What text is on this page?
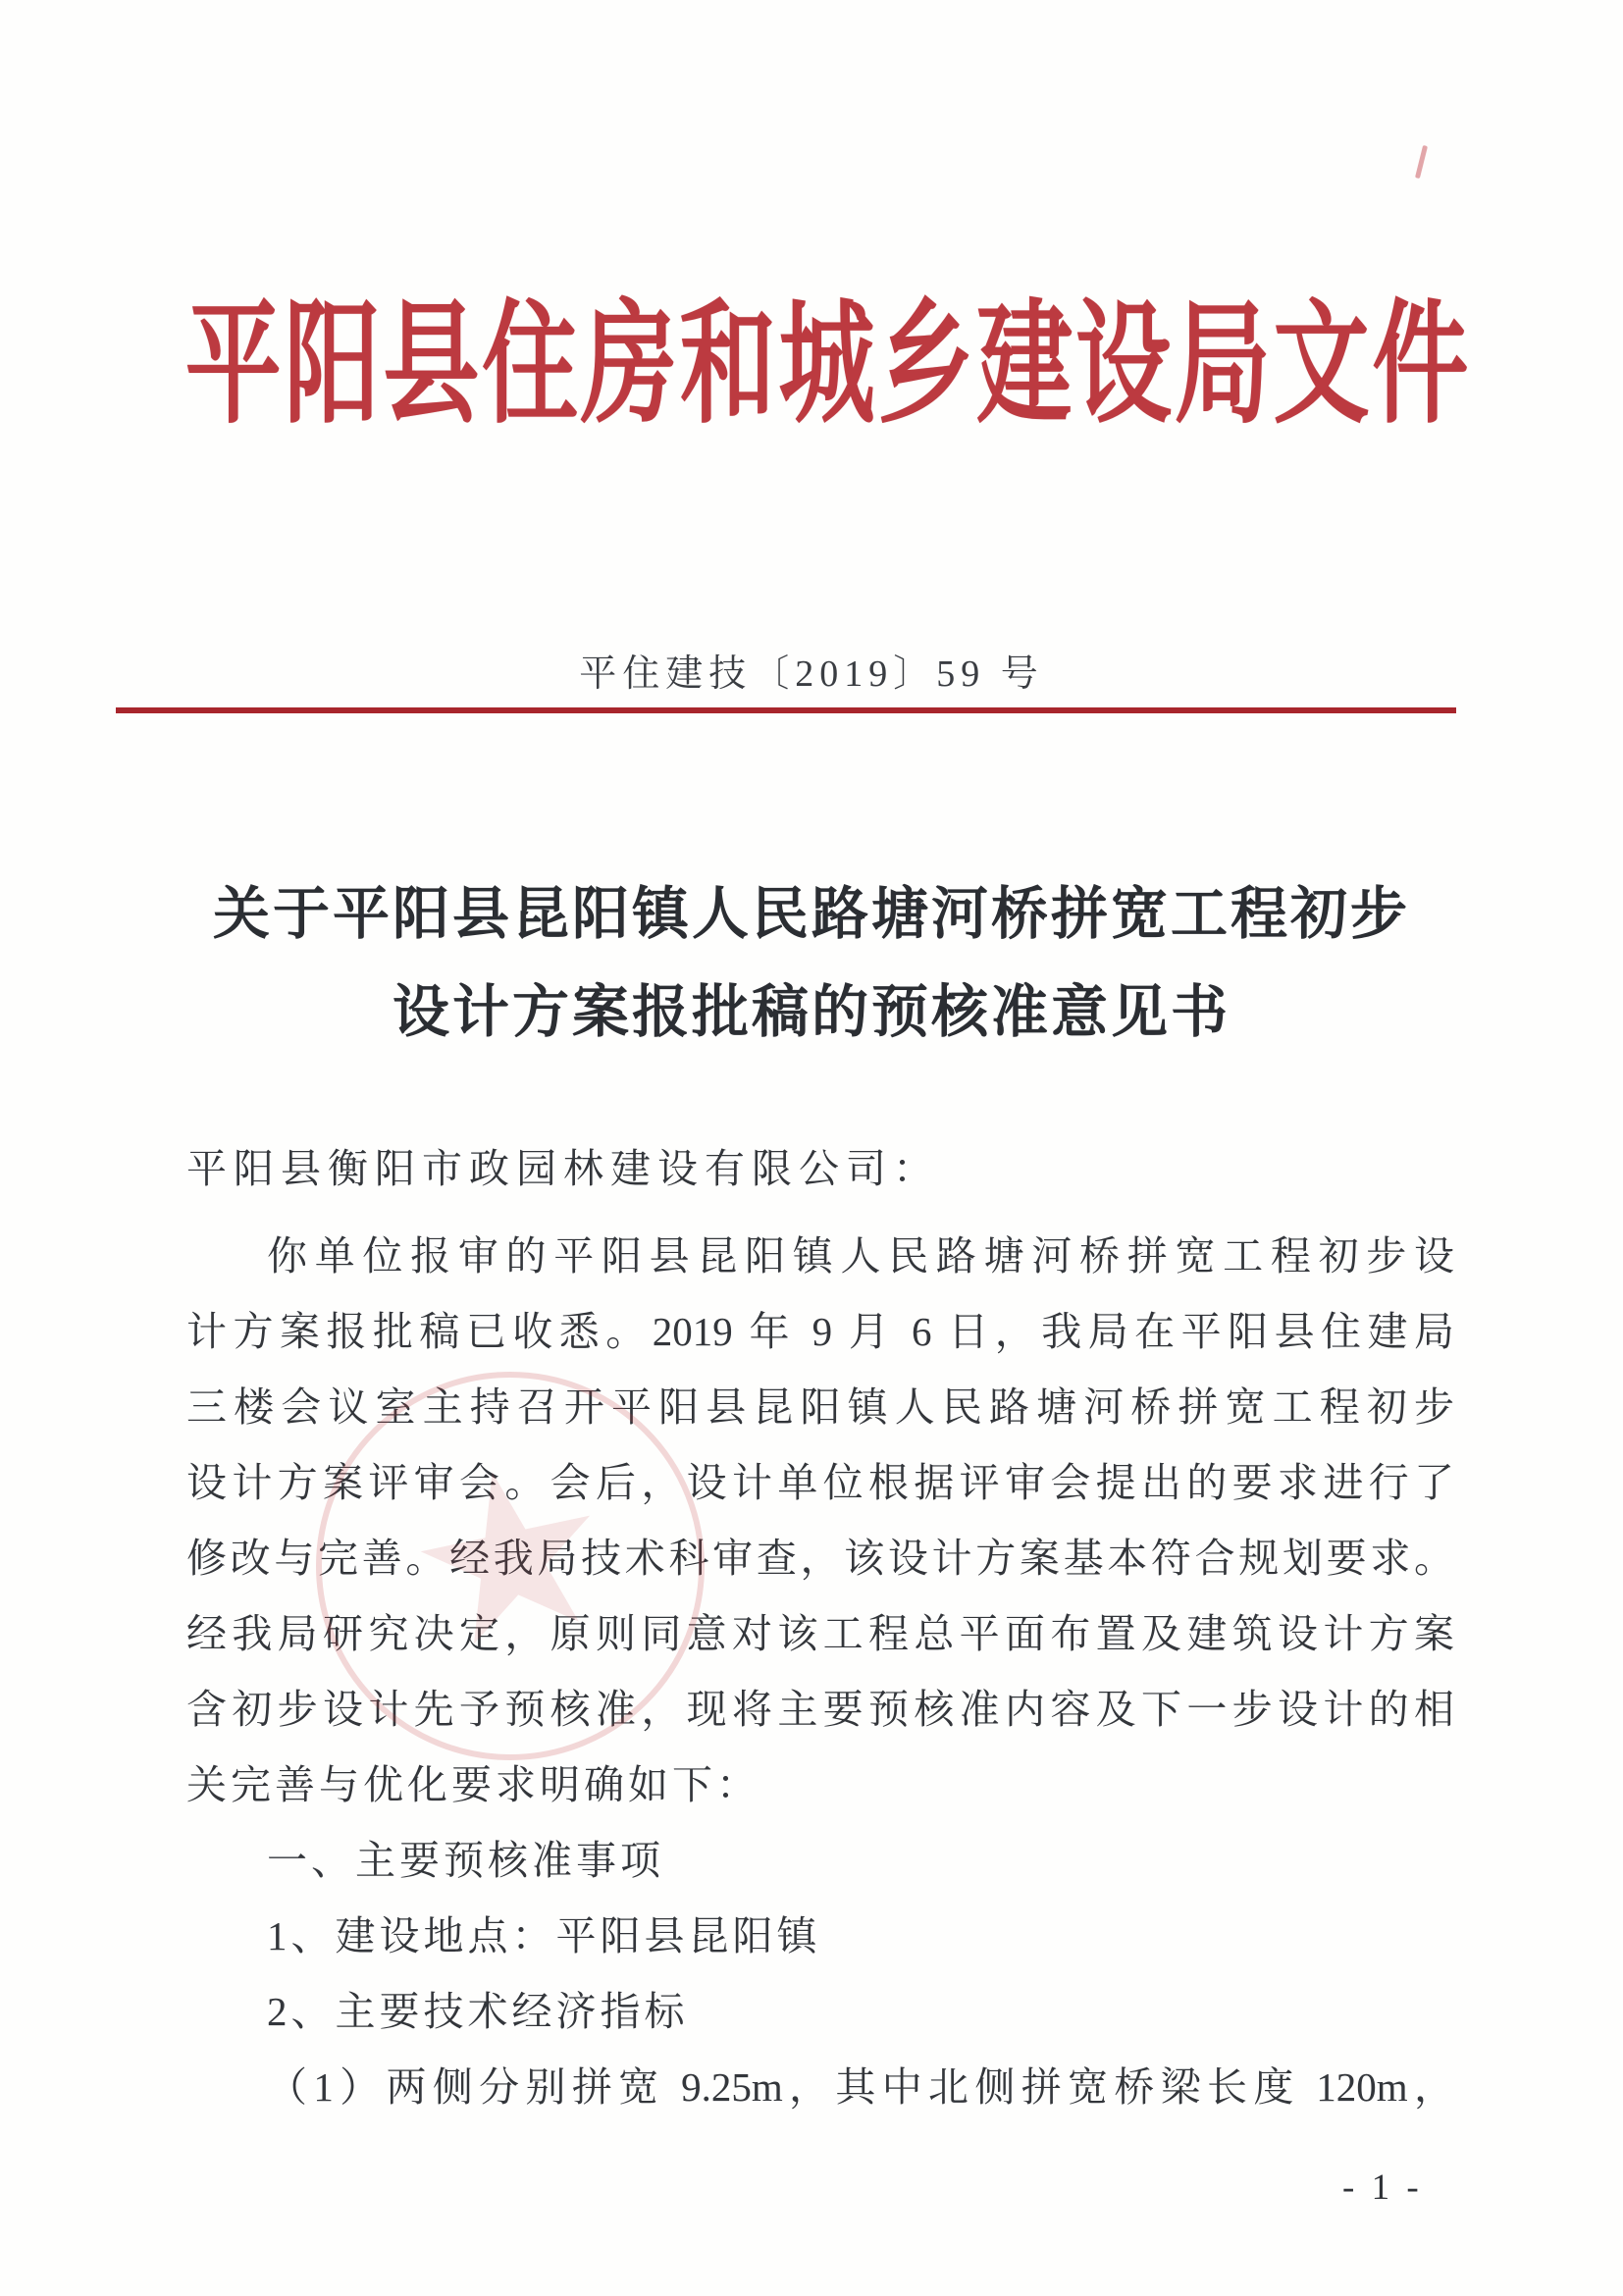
平阳县住房和城乡建设局文件
平住建技〔2019〕59 号
关于平阳县昆阳镇人民路塘河桥拼宽工程初步
设计方案报批稿的预核准意见书
平阳县衡阳市政园林建设有限公司：
你单位报审的平阳县昆阳镇人民路塘河桥拼宽工程初步设
计方案报批稿已收悉。2019 年 9 月 6 日，我局在平阳县住建局
三楼会议室主持召开平阳县昆阳镇人民路塘河桥拼宽工程初步
设计方案评审会。会后，设计单位根据评审会提出的要求进行了
修改与完善。经我局技术科审查，该设计方案基本符合规划要求。
经我局研究决定，原则同意对该工程总平面布置及建筑设计方案
含初步设计先予预核准，现将主要预核准内容及下一步设计的相
关完善与优化要求明确如下：
一、主要预核准事项
1、建设地点：平阳县昆阳镇
2、主要技术经济指标
（1）两侧分别拼宽 9.25m，其中北侧拼宽桥梁长度 120m，
★
- 1 -
